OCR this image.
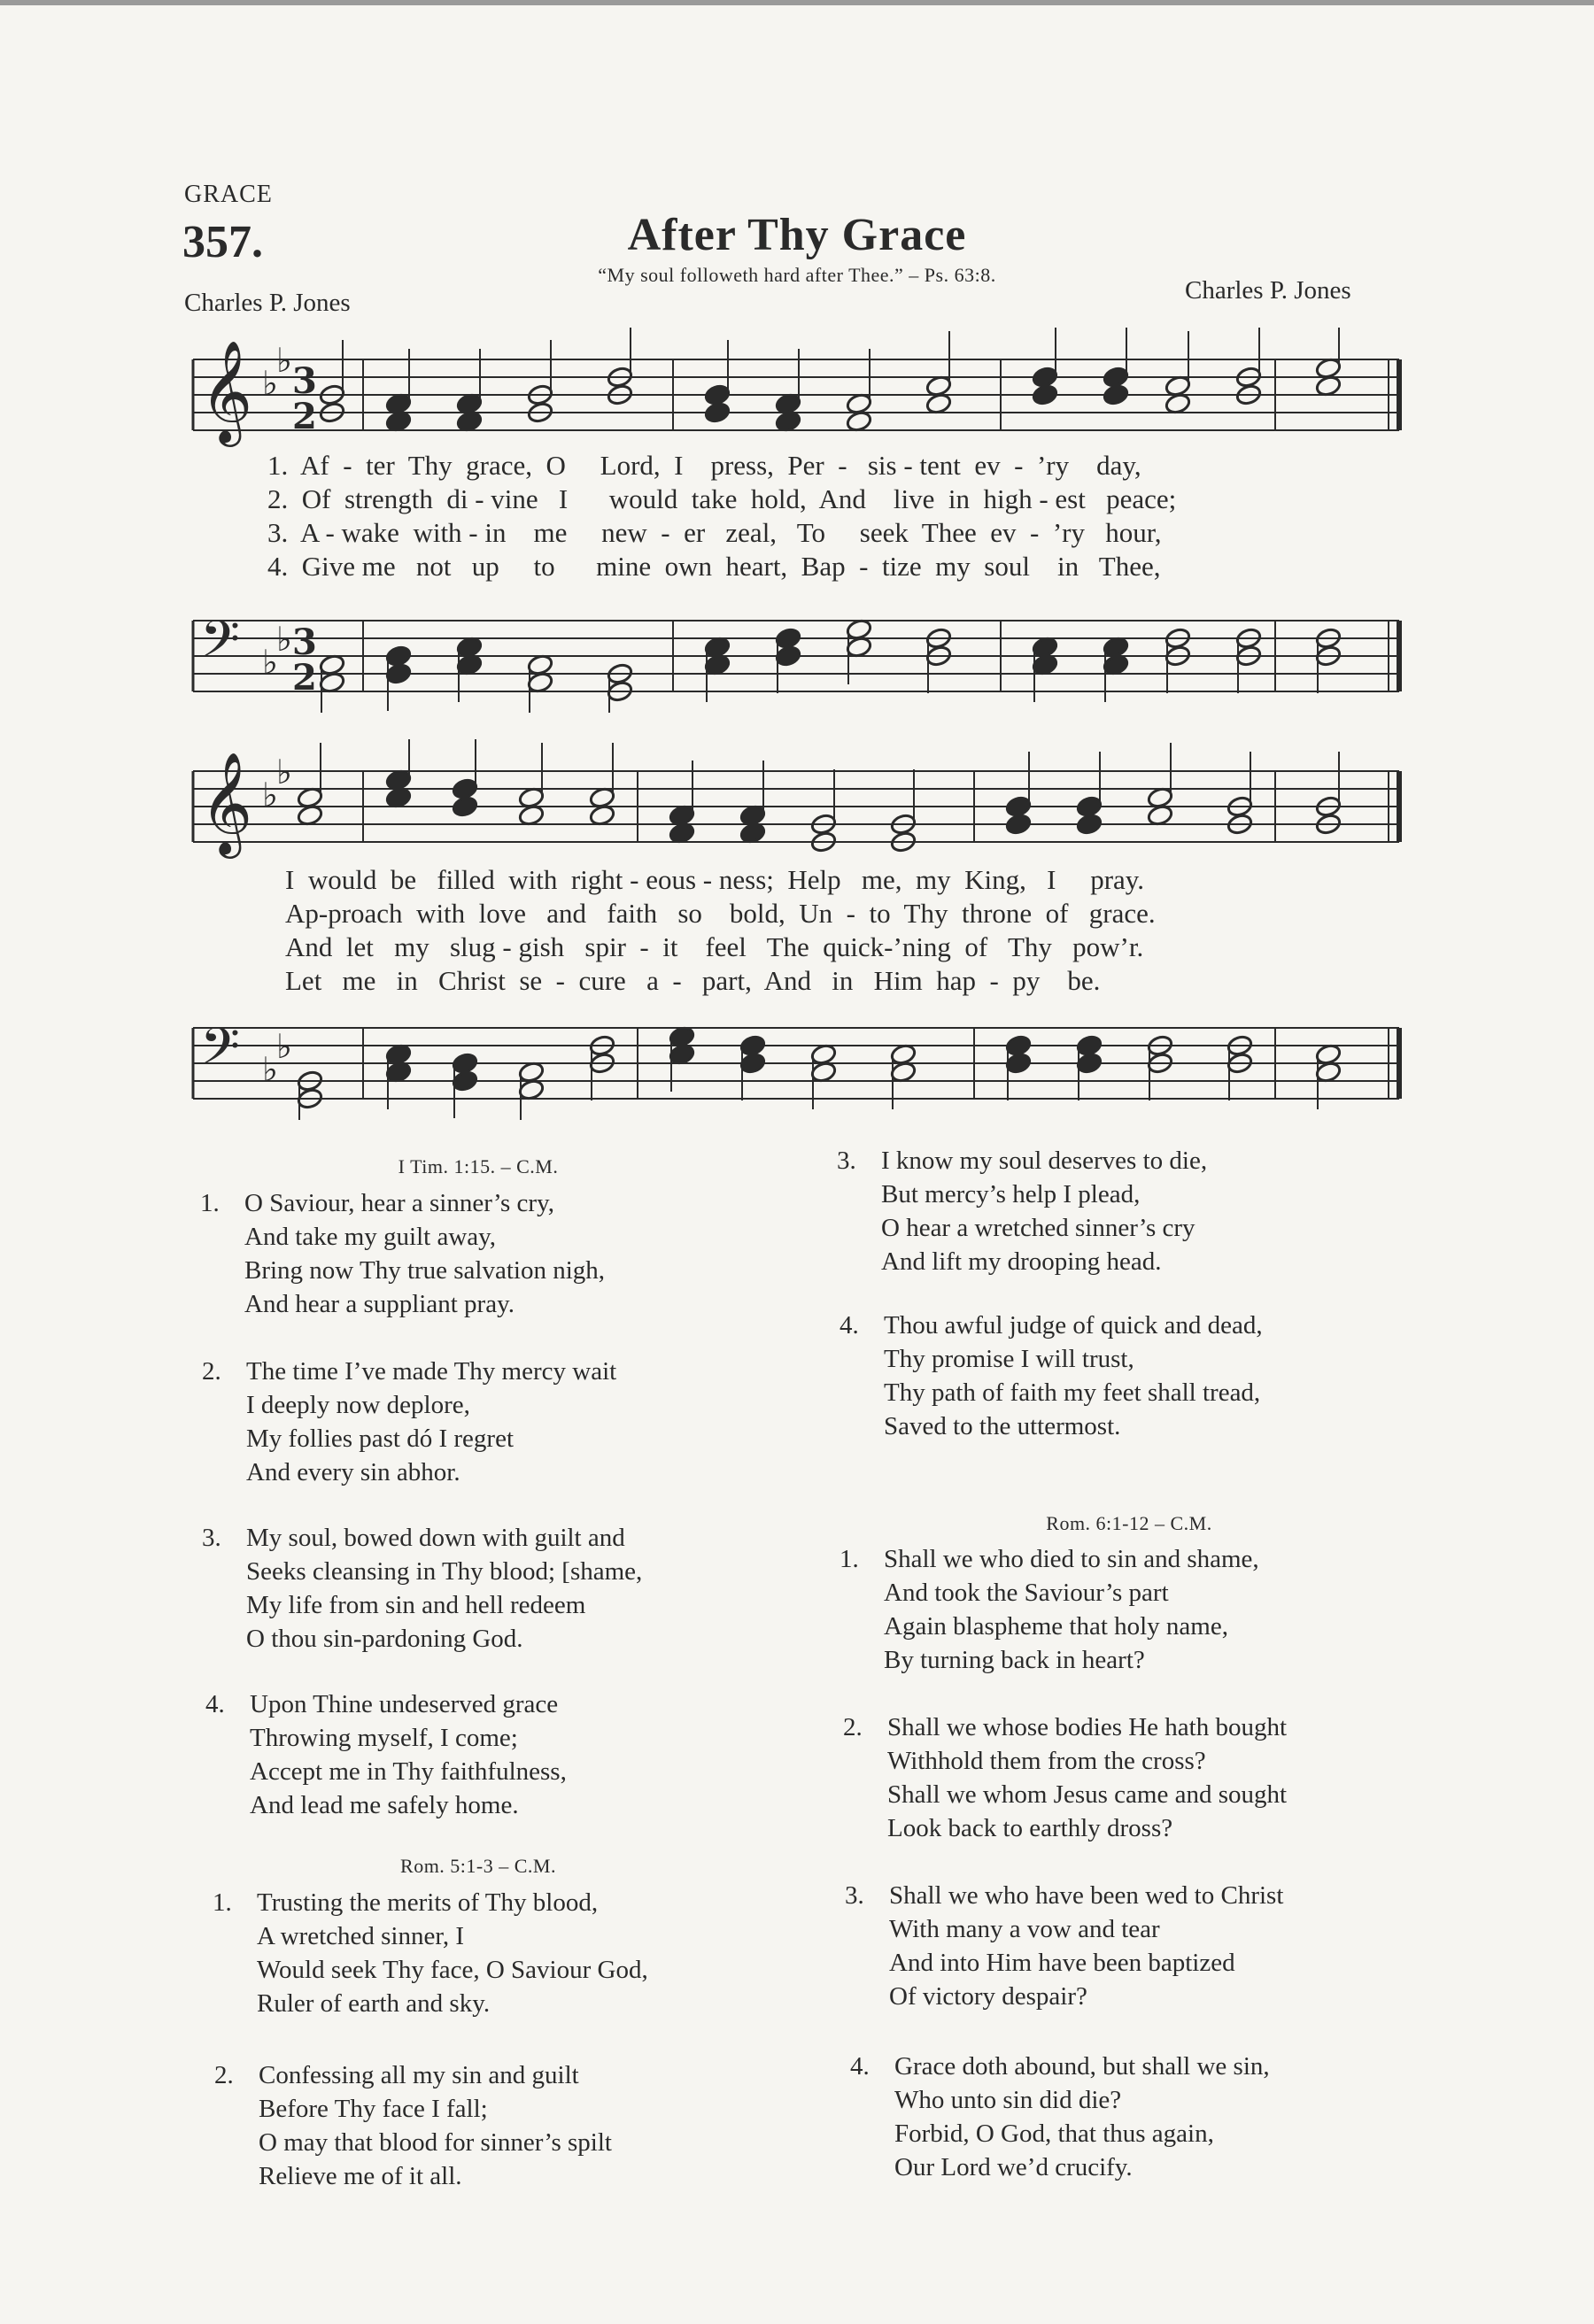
GRACE
357.	After Thy Grace
“My soul followeth hard after Thee.” – Ps. 63:8.
Charles P. Jones	Charles P. Jones
𝄞 ♭
♭ 3
2
1.  Af  -  ter  Thy  grace,  O     Lord,  I    press,  Per  -   sis - tent  ev  -  ’ry    day,
2.  Of  strength  di - vine   I      would  take  hold,  And    live  in  high - est   peace;
3.  A - wake  with - in    me     new  -  er   zeal,   To     seek  Thee  ev  -  ’ry   hour,
4.  Give me   not   up     to      mine  own  heart,  Bap  -  tize  my  soul    in   Thee,
𝄢 ♭
♭ 3
2
𝄞 ♭
♭
I  would  be   filled  with  right - eous - ness;  Help   me,  my  King,   I     pray.
Ap-proach  with  love   and   faith   so    bold,  Un  -  to  Thy  throne  of   grace.
And  let   my   slug - gish   spir  -  it    feel   The  quick-’ning  of   Thy   pow’r.
Let   me   in   Christ  se  -  cure   a  -   part,  And   in   Him  hap  -  py    be.
𝄢 ♭
♭
I Tim. 1:15. – C.M.
1. O Saviour, hear a sinner’s cry,
And take my guilt away,
Bring now Thy true salvation nigh,
And hear a suppliant pray.
2. The time I’ve made Thy mercy wait
I deeply now deplore,
My follies past dó I regret
And every sin abhor.
3. My soul, bowed down with guilt and
Seeks cleansing in Thy blood; [shame,
My life from sin and hell redeem
O thou sin-pardoning God.
4. Upon Thine undeserved grace
Throwing myself, I come;
Accept me in Thy faithfulness,
And lead me safely home.
Rom. 5:1-3 – C.M.
1. Trusting the merits of Thy blood,
A wretched sinner, I
Would seek Thy face, O Saviour God,
Ruler of earth and sky.
2. Confessing all my sin and guilt
Before Thy face I fall;
O may that blood for sinner’s spilt
Relieve me of it all.
3. I know my soul deserves to die,
But mercy’s help I plead,
O hear a wretched sinner’s cry
And lift my drooping head.
4. Thou awful judge of quick and dead,
Thy promise I will trust,
Thy path of faith my feet shall tread,
Saved to the uttermost.
Rom. 6:1-12 – C.M.
1. Shall we who died to sin and shame,
And took the Saviour’s part
Again blaspheme that holy name,
By turning back in heart?
2. Shall we whose bodies He hath bought
Withhold them from the cross?
Shall we whom Jesus came and sought
Look back to earthly dross?
3. Shall we who have been wed to Christ
With many a vow and tear
And into Him have been baptized
Of victory despair?
4. Grace doth abound, but shall we sin,
Who unto sin did die?
Forbid, O God, that thus again,
Our Lord we’d crucify.
